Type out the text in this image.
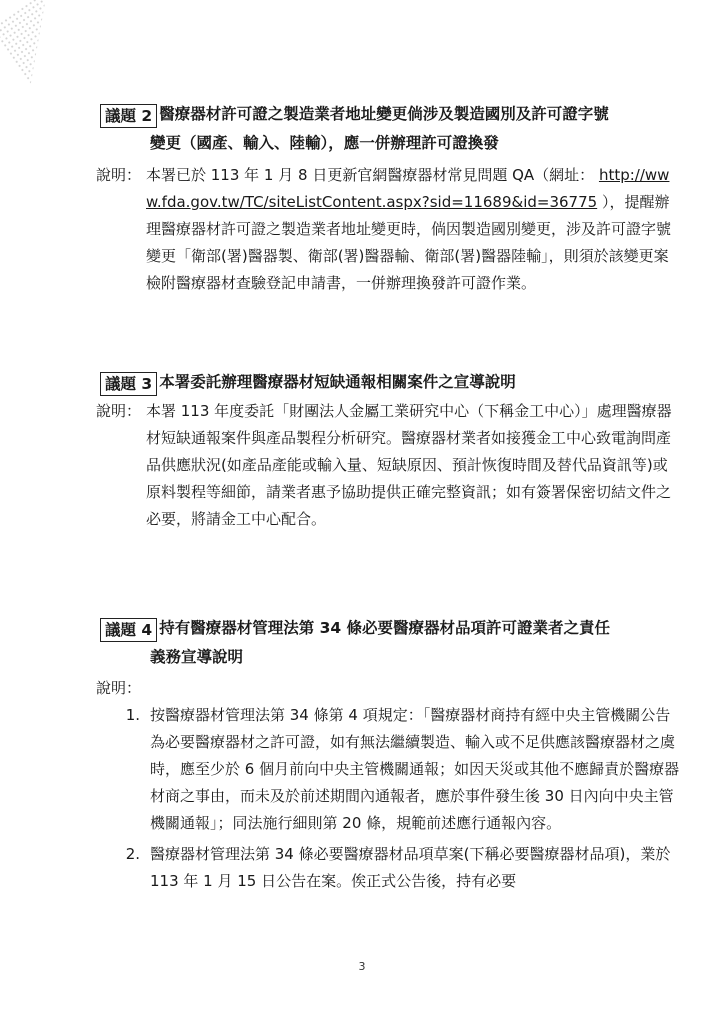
議題 2 醫療器材許可證之製造業者地址變更倘涉及製造國別及許可證字號
變更（國產、輸入、陸輸），應一併辦理許可證換發
說明： 本署已於 113 年 1 月 8 日更新官網醫療器材常見問題 QA（網址： http://www.fda.gov.tw/TC/siteListContent.aspx?sid=11689&id=36775 ），提醒辦理醫療器材許可證之製造業者地址變更時，倘因製造國別變更，涉及許可證字號變更「衛部(署)醫器製、衛部(署)醫器輸、衛部(署)醫器陸輸」，則須於該變更案檢附醫療器材查驗登記申請書，一併辦理換發許可證作業。
議題 3 本署委託辦理醫療器材短缺通報相關案件之宣導說明
說明： 本署 113 年度委託「財團法人金屬工業研究中心（下稱金工中心）」處理醫療器材短缺通報案件與產品製程分析研究。醫療器材業者如接獲金工中心致電詢問產品供應狀況(如產品產能或輸入量、短缺原因、預計恢復時間及替代品資訊等)或原料製程等細節，請業者惠予協助提供正確完整資訊；如有簽署保密切結文件之必要，將請金工中心配合。
議題 4 持有醫療器材管理法第 34 條必要醫療器材品項許可證業者之責任
義務宣導說明
說明：
1. 按醫療器材管理法第 34 條第 4 項規定：「醫療器材商持有經中央主管機關公告為必要醫療器材之許可證，如有無法繼續製造、輸入或不足供應該醫療器材之虞時，應至少於 6 個月前向中央主管機關通報；如因天災或其他不應歸責於醫療器材商之事由，而未及於前述期間內通報者，應於事件發生後 30 日內向中央主管機關通報」；同法施行細則第 20 條，規範前述應行通報內容。
2. 醫療器材管理法第 34 條必要醫療器材品項草案(下稱必要醫療器材品項)，業於 113 年 1 月 15 日公告在案。俟正式公告後，持有必要
3
